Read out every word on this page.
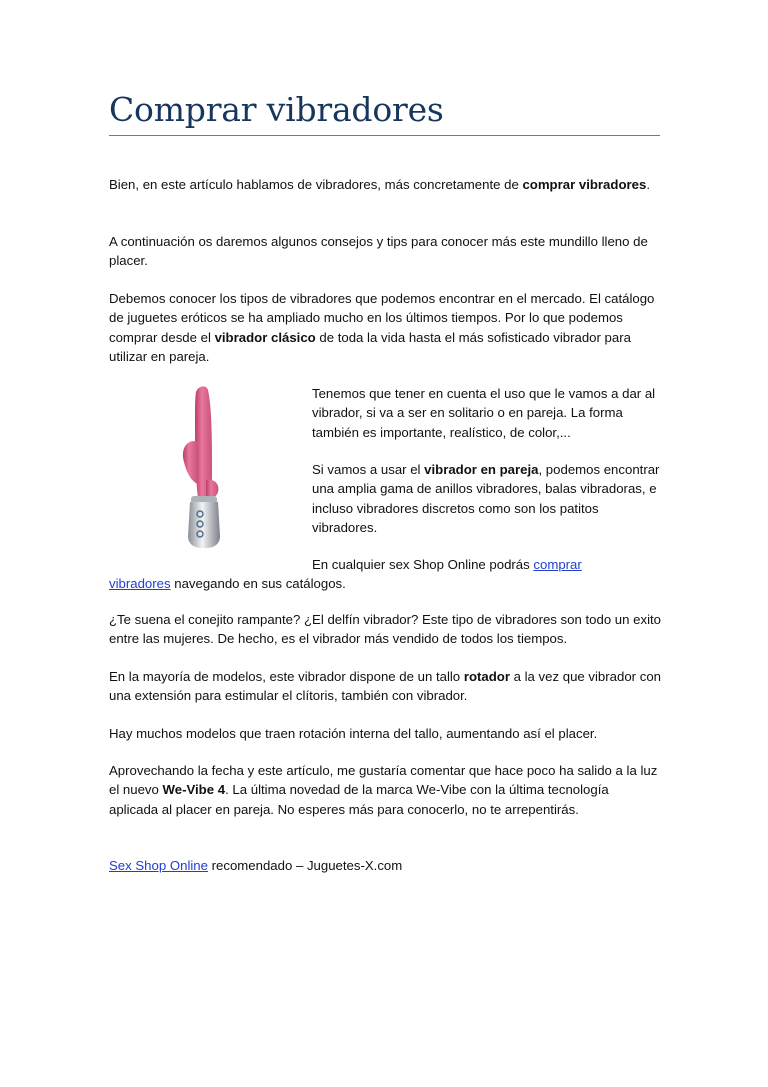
Comprar vibradores

Bien, en este artículo hablamos de vibradores, más concretamente de comprar vibradores.

A continuación os daremos algunos consejos y tips para conocer más este mundillo lleno de placer.

Debemos conocer los tipos de vibradores que podemos encontrar en el mercado. El catálogo de juguetes eróticos se ha ampliado mucho en los últimos tiempos. Por lo que podemos comprar desde el vibrador clásico de toda la vida hasta el más sofisticado vibrador para utilizar en pareja.

Tenemos que tener en cuenta el uso que le vamos a dar al vibrador, si va a ser en solitario o en pareja. La forma también es importante, realístico, de color,...

Si vamos a usar el vibrador en pareja, podemos encontrar una amplia gama de anillos vibradores, balas vibradoras, e incluso vibradores discretos como son los patitos vibradores.

En cualquier sex Shop Online podrás comprar
vibradores navegando en sus catálogos.

¿Te suena el conejito rampante? ¿El delfín vibrador? Este tipo de vibradores son todo un exito entre las mujeres. De hecho, es el vibrador más vendido de todos los tiempos.

En la mayoría de modelos, este vibrador dispone de un tallo rotador a la vez que vibrador con una extensión para estimular el clítoris, también con vibrador.

Hay muchos modelos que traen rotación interna del tallo, aumentando así el placer.

Aprovechando la fecha y este artículo, me gustaría comentar que hace poco ha salido a la luz el nuevo We-Vibe 4. La última novedad de la marca We-Vibe con la última tecnología aplicada al placer en pareja. No esperes más para conocerlo, no te arrepentirás.

Sex Shop Online recomendado – Juguetes-X.com
